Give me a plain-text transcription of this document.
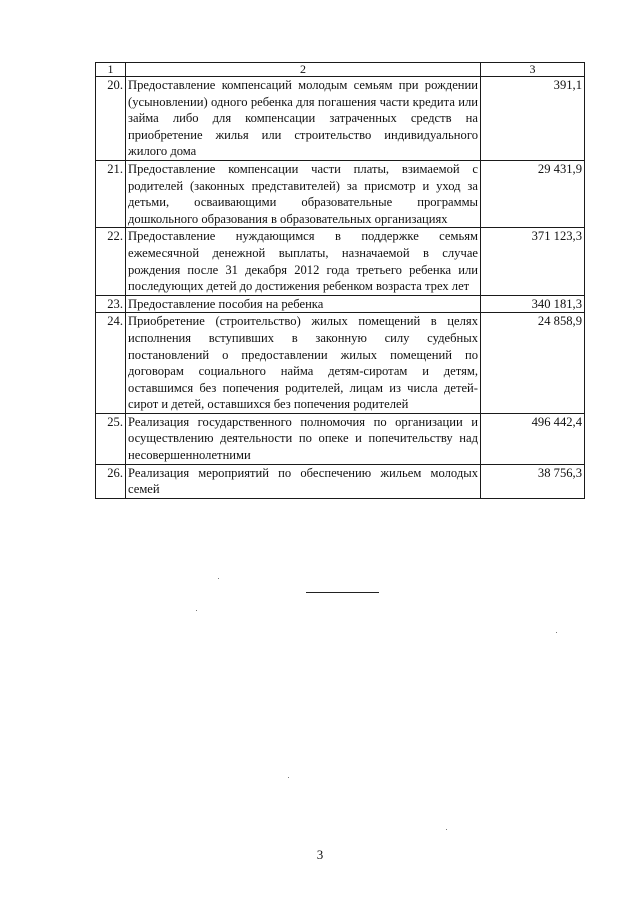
1	2	3
20.	Предоставление компенсаций молодым семьям при рождении (усыновлении) одного ребенка для погашения части кредита или займа либо для компенсации затраченных средств на приобретение жилья или строительство индивидуального жилого дома	391,1
21.	Предоставление компенсации части платы, взимаемой с родителей (законных представителей) за присмотр и уход за детьми, осваивающими образовательные программы дошкольного образования в образовательных организациях	29 431,9
22.	Предоставление нуждающимся в поддержке семьям ежемесячной денежной выплаты, назначаемой в случае рождения после 31 декабря 2012 года третьего ребенка или последующих детей до достижения ребенком возраста трех лет	371 123,3
23.	Предоставление пособия на ребенка	340 181,3
24.	Приобретение (строительство) жилых помещений в целях исполнения вступивших в законную силу судебных постановлений о предоставлении жилых помещений по договорам социального найма детям-сиротам и детям, оставшимся без попечения родителей, лицам из числа детей-сирот и детей, оставшихся без попечения родителей	24 858,9
25.	Реализация государственного полномочия по организации и осуществлению деятельности по опеке и попечительству над несовершеннолетними	496 442,4
26.	Реализация мероприятий по обеспечению жильем молодых семей	38 756,3
3
